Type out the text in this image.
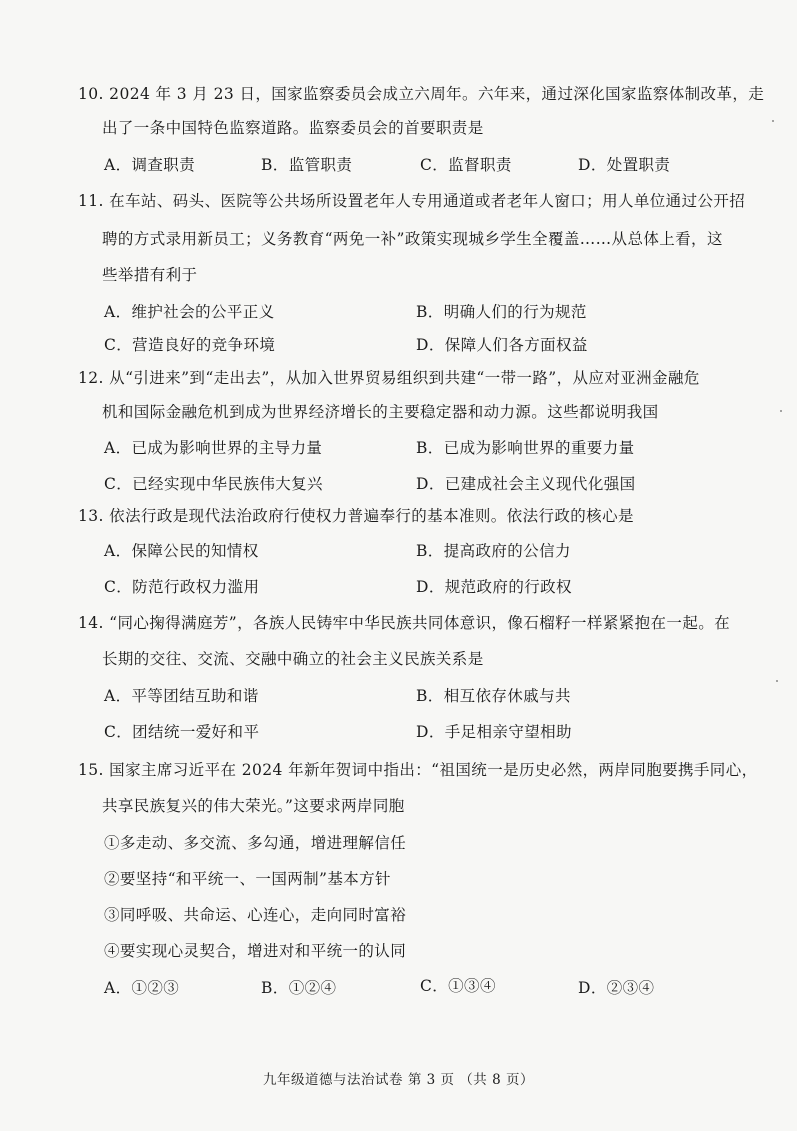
10. 2024 年 3 月 23 日，国家监察委员会成立六周年。六年来，通过深化国家监察体制改革，走
出了一条中国特色监察道路。监察委员会的首要职责是
A．调查职责	B．监管职责	C．监督职责	D．处置职责
11. 在车站、码头、医院等公共场所设置老年人专用通道或者老年人窗口；用人单位通过公开招
聘的方式录用新员工；义务教育“两免一补”政策实现城乡学生全覆盖……从总体上看，这
些举措有利于
A．维护社会的公平正义	B．明确人们的行为规范
C．营造良好的竞争环境	D．保障人们各方面权益
12. 从“引进来”到“走出去”，从加入世界贸易组织到共建“一带一路”，从应对亚洲金融危
机和国际金融危机到成为世界经济增长的主要稳定器和动力源。这些都说明我国
A．已成为影响世界的主导力量	B．已成为影响世界的重要力量
C．已经实现中华民族伟大复兴	D．已建成社会主义现代化强国
13. 依法行政是现代法治政府行使权力普遍奉行的基本准则。依法行政的核心是
A．保障公民的知情权	B．提高政府的公信力
C．防范行政权力滥用	D．规范政府的行政权
14. “同心掬得满庭芳”，各族人民铸牢中华民族共同体意识，像石榴籽一样紧紧抱在一起。在
长期的交往、交流、交融中确立的社会主义民族关系是
A．平等团结互助和谐	B．相互依存休戚与共
C．团结统一爱好和平	D．手足相亲守望相助
15. 国家主席习近平在 2024 年新年贺词中指出：“祖国统一是历史必然，两岸同胞要携手同心，
共享民族复兴的伟大荣光。”这要求两岸同胞
①多走动、多交流、多勾通，增进理解信任
②要坚持“和平统一、一国两制”基本方针
③同呼吸、共命运、心连心，走向同时富裕
④要实现心灵契合，增进对和平统一的认同
A．①②③	B．①②④	C．①③④	D．②③④
九年级道德与法治试卷 第 3 页 （共 8 页）
